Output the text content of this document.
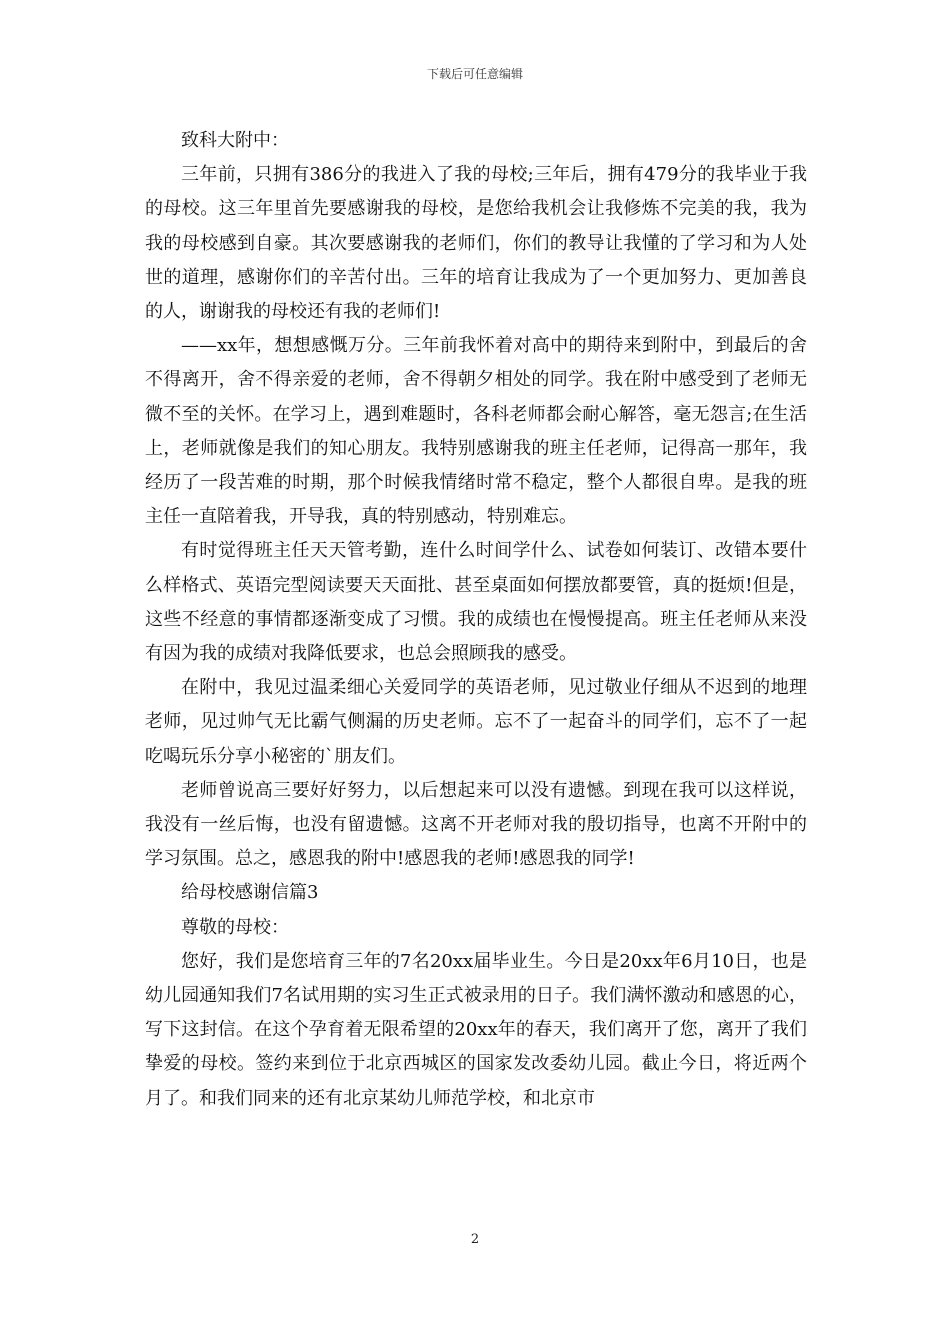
下载后可任意编辑

致科大附中：

三年前，只拥有386分的我进入了我的母校;三年后，拥有479分的我毕业于我的母校。这三年里首先要感谢我的母校，是您给我机会让我修炼不完美的我，我为我的母校感到自豪。其次要感谢我的老师们，你们的教导让我懂的了学习和为人处世的道理，感谢你们的辛苦付出。三年的培育让我成为了一个更加努力、更加善良的人，谢谢我的母校还有我的老师们!

——xx年，想想感慨万分。三年前我怀着对高中的期待来到附中，到最后的舍不得离开，舍不得亲爱的老师，舍不得朝夕相处的同学。我在附中感受到了老师无微不至的关怀。在学习上，遇到难题时，各科老师都会耐心解答，毫无怨言;在生活上，老师就像是我们的知心朋友。我特别感谢我的班主任老师，记得高一那年，我经历了一段苦难的时期，那个时候我情绪时常不稳定，整个人都很自卑。是我的班主任一直陪着我，开导我，真的特别感动，特别难忘。

有时觉得班主任天天管考勤，连什么时间学什么、试卷如何装订、改错本要什么样格式、英语完型阅读要天天面批、甚至桌面如何摆放都要管，真的挺烦!但是，这些不经意的事情都逐渐变成了习惯。我的成绩也在慢慢提高。班主任老师从来没有因为我的成绩对我降低要求，也总会照顾我的感受。

在附中，我见过温柔细心关爱同学的英语老师，见过敬业仔细从不迟到的地理老师，见过帅气无比霸气侧漏的历史老师。忘不了一起奋斗的同学们，忘不了一起吃喝玩乐分享小秘密的`朋友们。

老师曾说高三要好好努力，以后想起来可以没有遗憾。到现在我可以这样说，我没有一丝后悔，也没有留遗憾。这离不开老师对我的殷切指导，也离不开附中的学习氛围。总之，感恩我的附中!感恩我的老师!感恩我的同学!

给母校感谢信篇3

尊敬的母校：

您好，我们是您培育三年的7名20xx届毕业生。今日是20xx年6月10日，也是幼儿园通知我们7名试用期的实习生正式被录用的日子。我们满怀激动和感恩的心，写下这封信。在这个孕育着无限希望的20xx年的春天，我们离开了您，离开了我们挚爱的母校。签约来到位于北京西城区的国家发改委幼儿园。截止今日，将近两个月了。和我们同来的还有北京某幼儿师范学校，和北京市

2
